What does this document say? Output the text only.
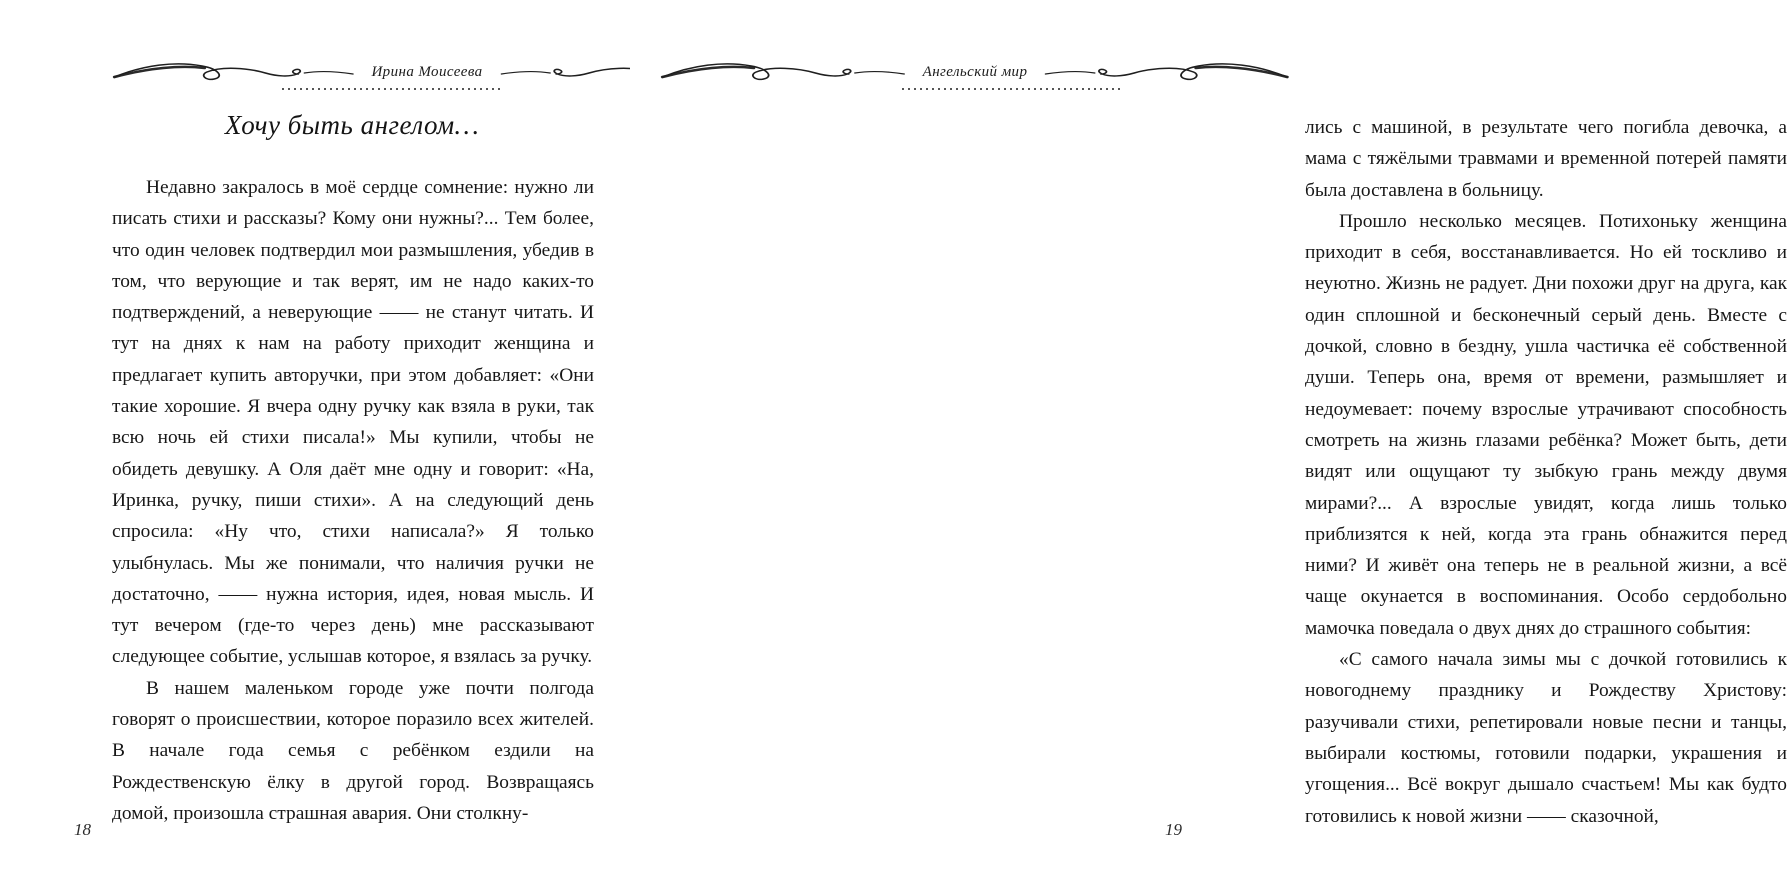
Ирина Моисеева
Хочу быть ангелом…

Недавно закралось в моё сердце сомнение: нужно ли писать стихи и рассказы? Кому они нужны?... Тем более, что один человек подтвердил мои размышления, убедив в том, что верующие и так верят, им не надо каких-то подтверждений, а неверующие —— не станут читать. И тут на днях к нам на работу приходит женщина и предлагает купить авторучки, при этом добавляет: «Они такие хорошие. Я вчера одну ручку как взяла в руки, так всю ночь ей стихи писала!» Мы купили, чтобы не обидеть девушку. А Оля даёт мне одну и говорит: «На, Иринка, ручку, пиши стихи». А на следующий день спросила: «Ну что, стихи написала?» Я только улыбнулась. Мы же понимали, что наличия ручки не достаточно, —— нужна история, идея, новая мысль. И тут вечером (где-то через день) мне рассказывают следующее событие, услышав которое, я взялась за ручку.

В нашем маленьком городе уже почти полгода говорят о происшествии, которое поразило всех жителей. В начале года семья с ребёнком ездили на Рождественскую ёлку в другой город. Возвращаясь домой, произошла страшная авария. Они столкну-

18
Ангельский мир

лись с машиной, в результате чего погибла девочка, а мама с тяжёлыми травмами и временной потерей памяти была доставлена в больницу.

Прошло несколько месяцев. Потихоньку женщина приходит в себя, восстанавливается. Но ей тоскливо и неуютно. Жизнь не радует. Дни похожи друг на друга, как один сплошной и бесконечный серый день. Вместе с дочкой, словно в бездну, ушла частичка её собственной души. Теперь она, время от времени, размышляет и недоумевает: почему взрослые утрачивают способность смотреть на жизнь глазами ребёнка? Может быть, дети видят или ощущают ту зыбкую грань между двумя мирами?... А взрослые увидят, когда лишь только приблизятся к ней, когда эта грань обнажится перед ними? И живёт она теперь не в реальной жизни, а всё чаще окунается в воспоминания. Особо сердобольно мамочка поведала о двух днях до страшного события:

«С самого начала зимы мы с дочкой готовились к новогоднему празднику и Рождеству Христову: разучивали стихи, репетировали новые песни и танцы, выбирали костюмы, готовили подарки, украшения и угощения... Всё вокруг дышало счастьем! Мы как будто готовились к новой жизни —— сказочной,

19
